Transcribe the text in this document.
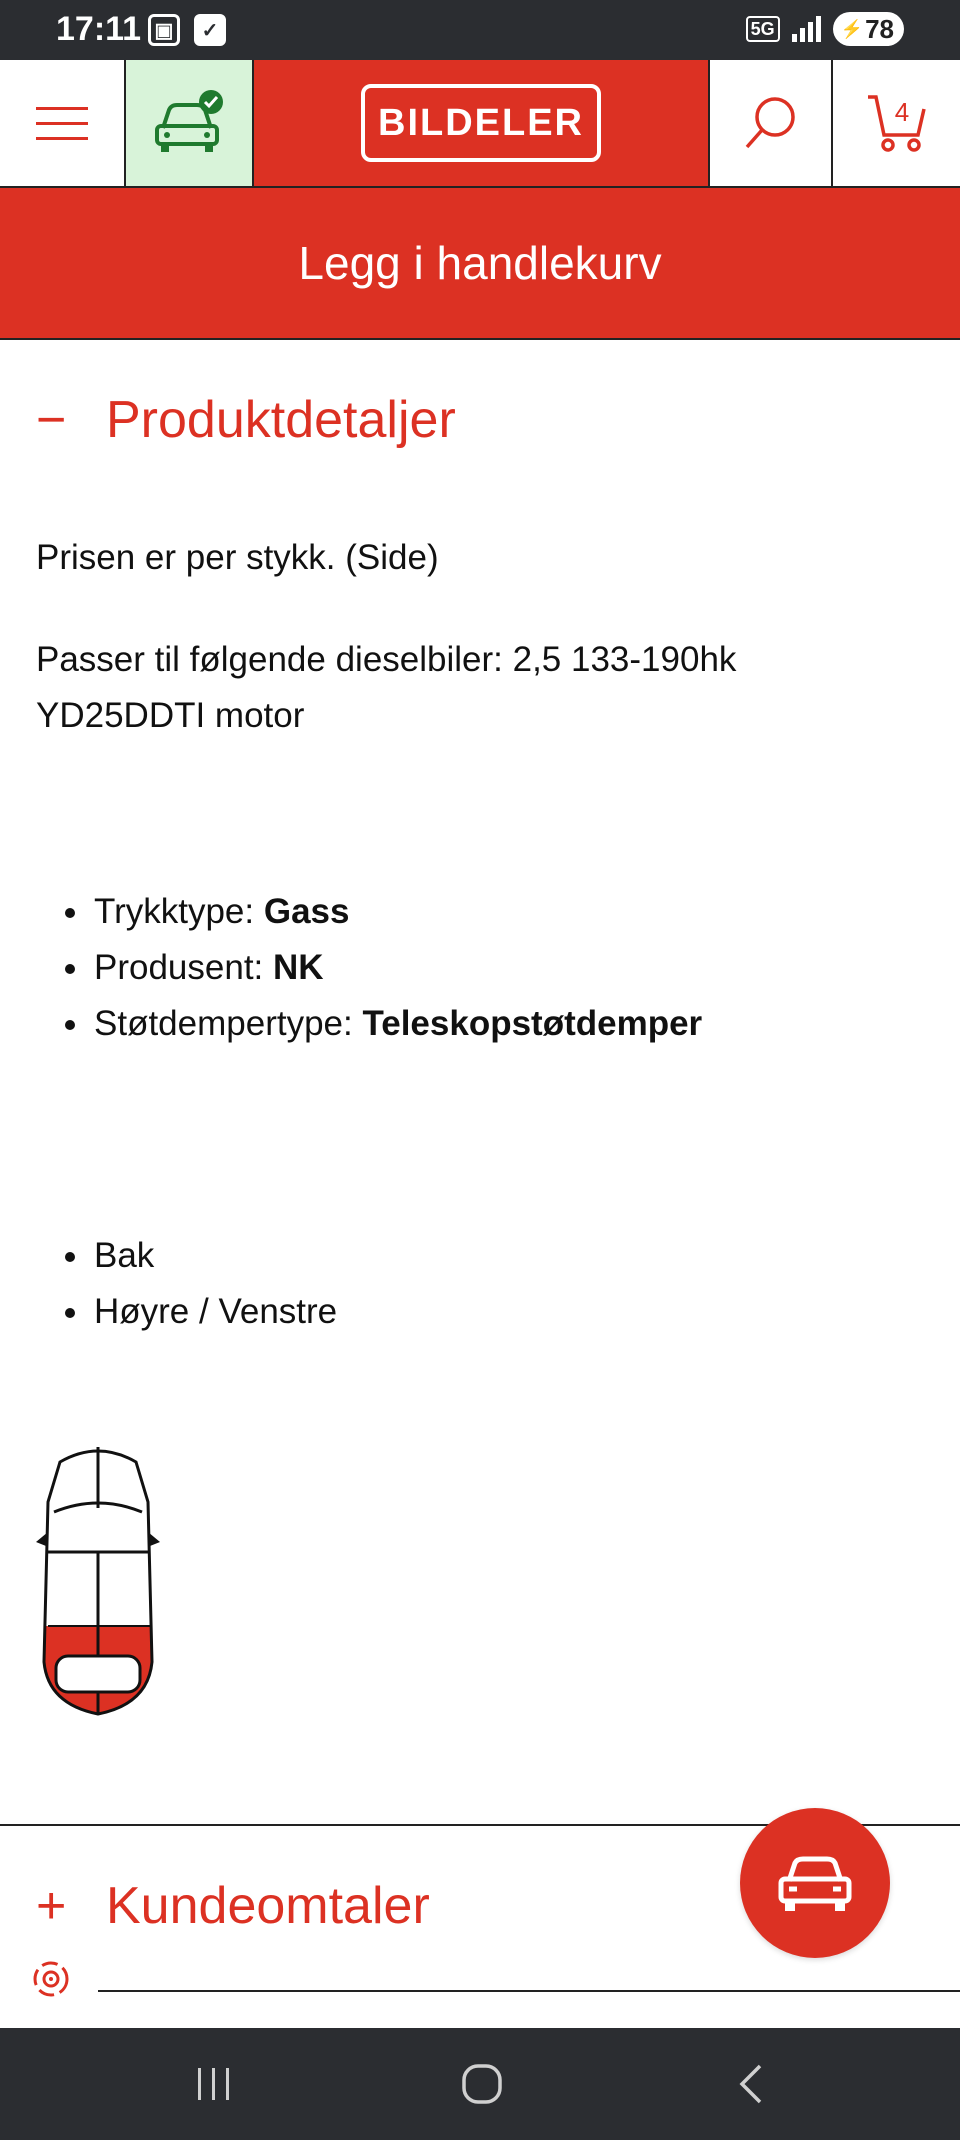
17:11 ▣	✓	5G	⚡ 78
BILDELER	4
Legg i handlekurv
− Produktdetaljer
Prisen er per stykk. (Side)
Passer til følgende dieselbiler: 2,5 133-190hk YD25DDTI motor
• Trykktype: Gass
• Produsent: NK
• Støtdempertype: Teleskopstøtdemper
• Bak
• Høyre / Venstre
+ Kundeomtaler
